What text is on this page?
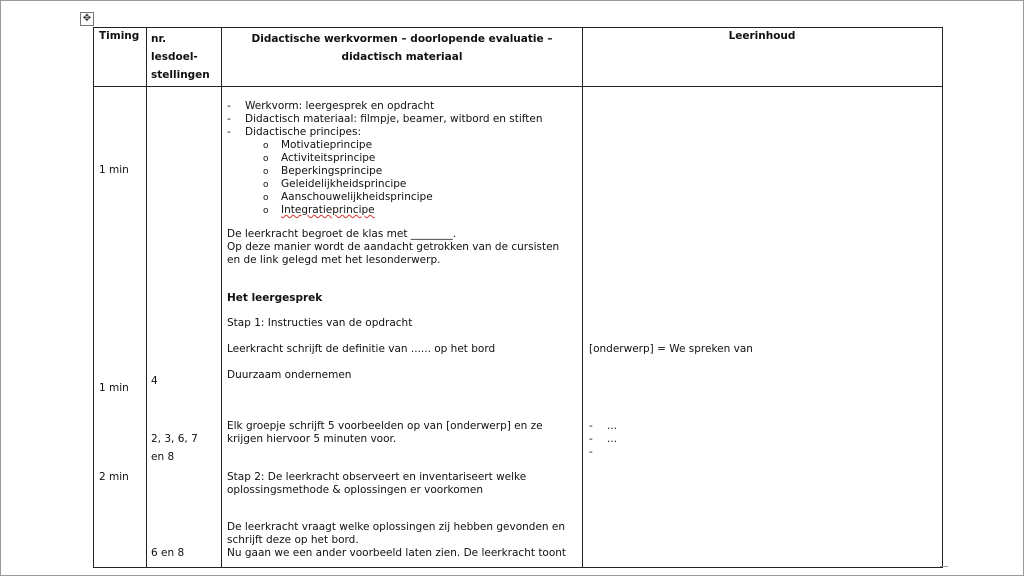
✥
Timing nr.
lesdoel-
stellingen
Didactische werkvormen – doorlopende evaluatie –
didactisch materiaal
Leerinhoud
1 min
1 min
2 min
4
2, 3, 6, 7
en 8
6 en 8
- Werkvorm: leergesprek en opdracht
- Didactisch materiaal: filmpje, beamer, witbord en stiften
- Didactische principes:
o Motivatieprincipe
o Activiteitsprincipe
o Beperkingsprincipe
o Geleidelijkheidsprincipe
o Aanschouwelijkheidsprincipe
o Integratieprincipe
De leerkracht begroet de klas met ________.
Op deze manier wordt de aandacht getrokken van de cursisten
en de link gelegd met het lesonderwerp.
Het leergesprek
Stap 1: Instructies van de opdracht
Leerkracht schrijft de definitie van ...... op het bord
Duurzaam ondernemen
Elk groepje schrijft 5 voorbeelden op van [onderwerp] en ze
krijgen hiervoor 5 minuten voor.
Stap 2: De leerkracht observeert en inventariseert welke
oplossingsmethode & oplossingen er voorkomen
De leerkracht vraagt welke oplossingen zij hebben gevonden en
schrijft deze op het bord.
Nu gaan we een ander voorbeeld laten zien. De leerkracht toont
[onderwerp] = We spreken van
- ...
- ...
-
